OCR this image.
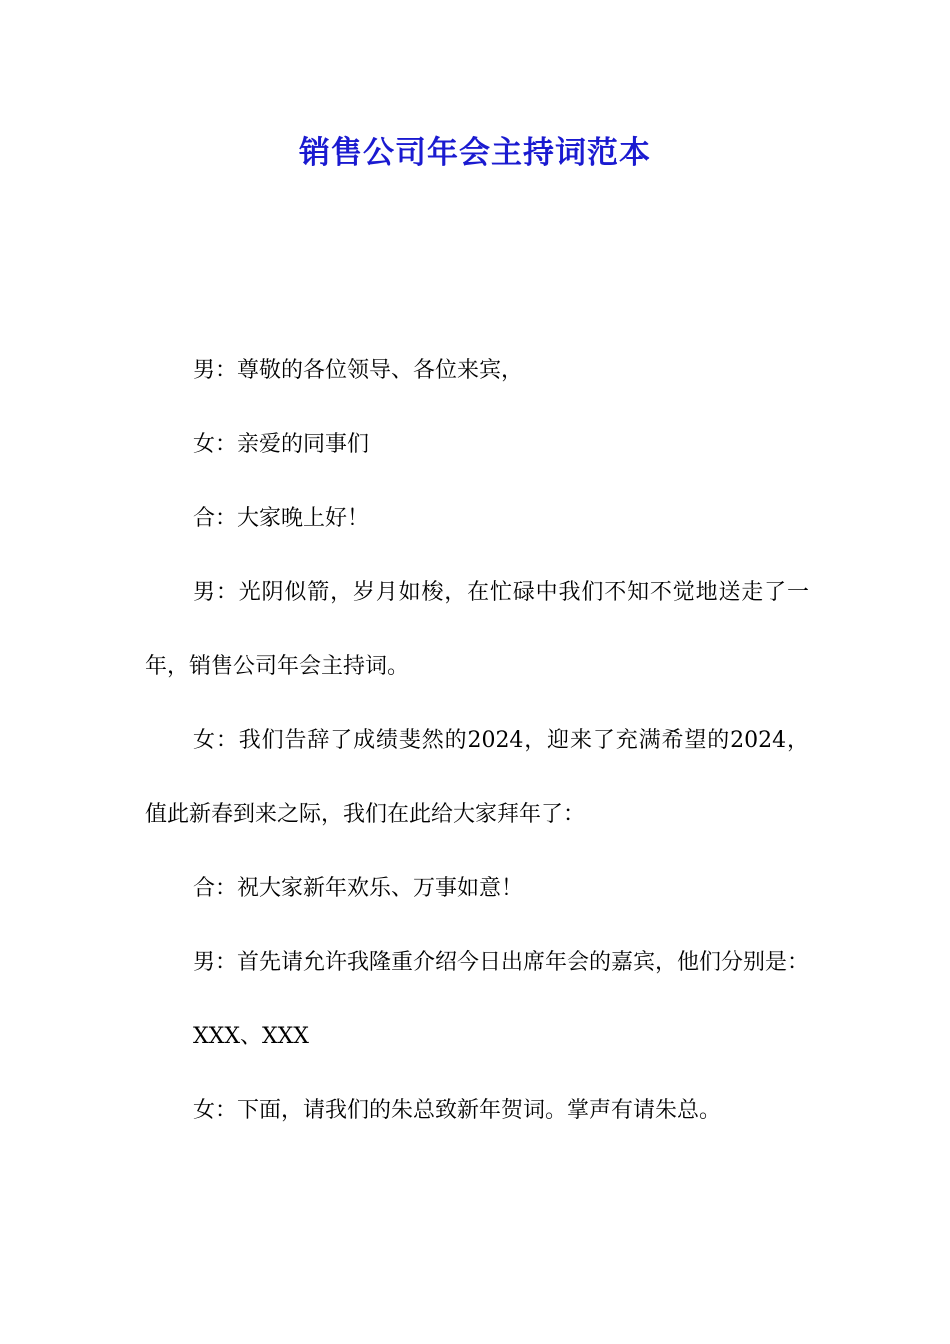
销售公司年会主持词范本

男：尊敬的各位领导、各位来宾，

女：亲爱的同事们

合：大家晚上好！

男：光阴似箭，岁月如梭，在忙碌中我们不知不觉地送走了一年，销售公司年会主持词。

女：我们告辞了成绩斐然的2024，迎来了充满希望的2024，值此新春到来之际，我们在此给大家拜年了：

合：祝大家新年欢乐、万事如意！

男：首先请允许我隆重介绍今日出席年会的嘉宾，他们分别是：

XXX、XXX

女：下面，请我们的朱总致新年贺词。掌声有请朱总。
